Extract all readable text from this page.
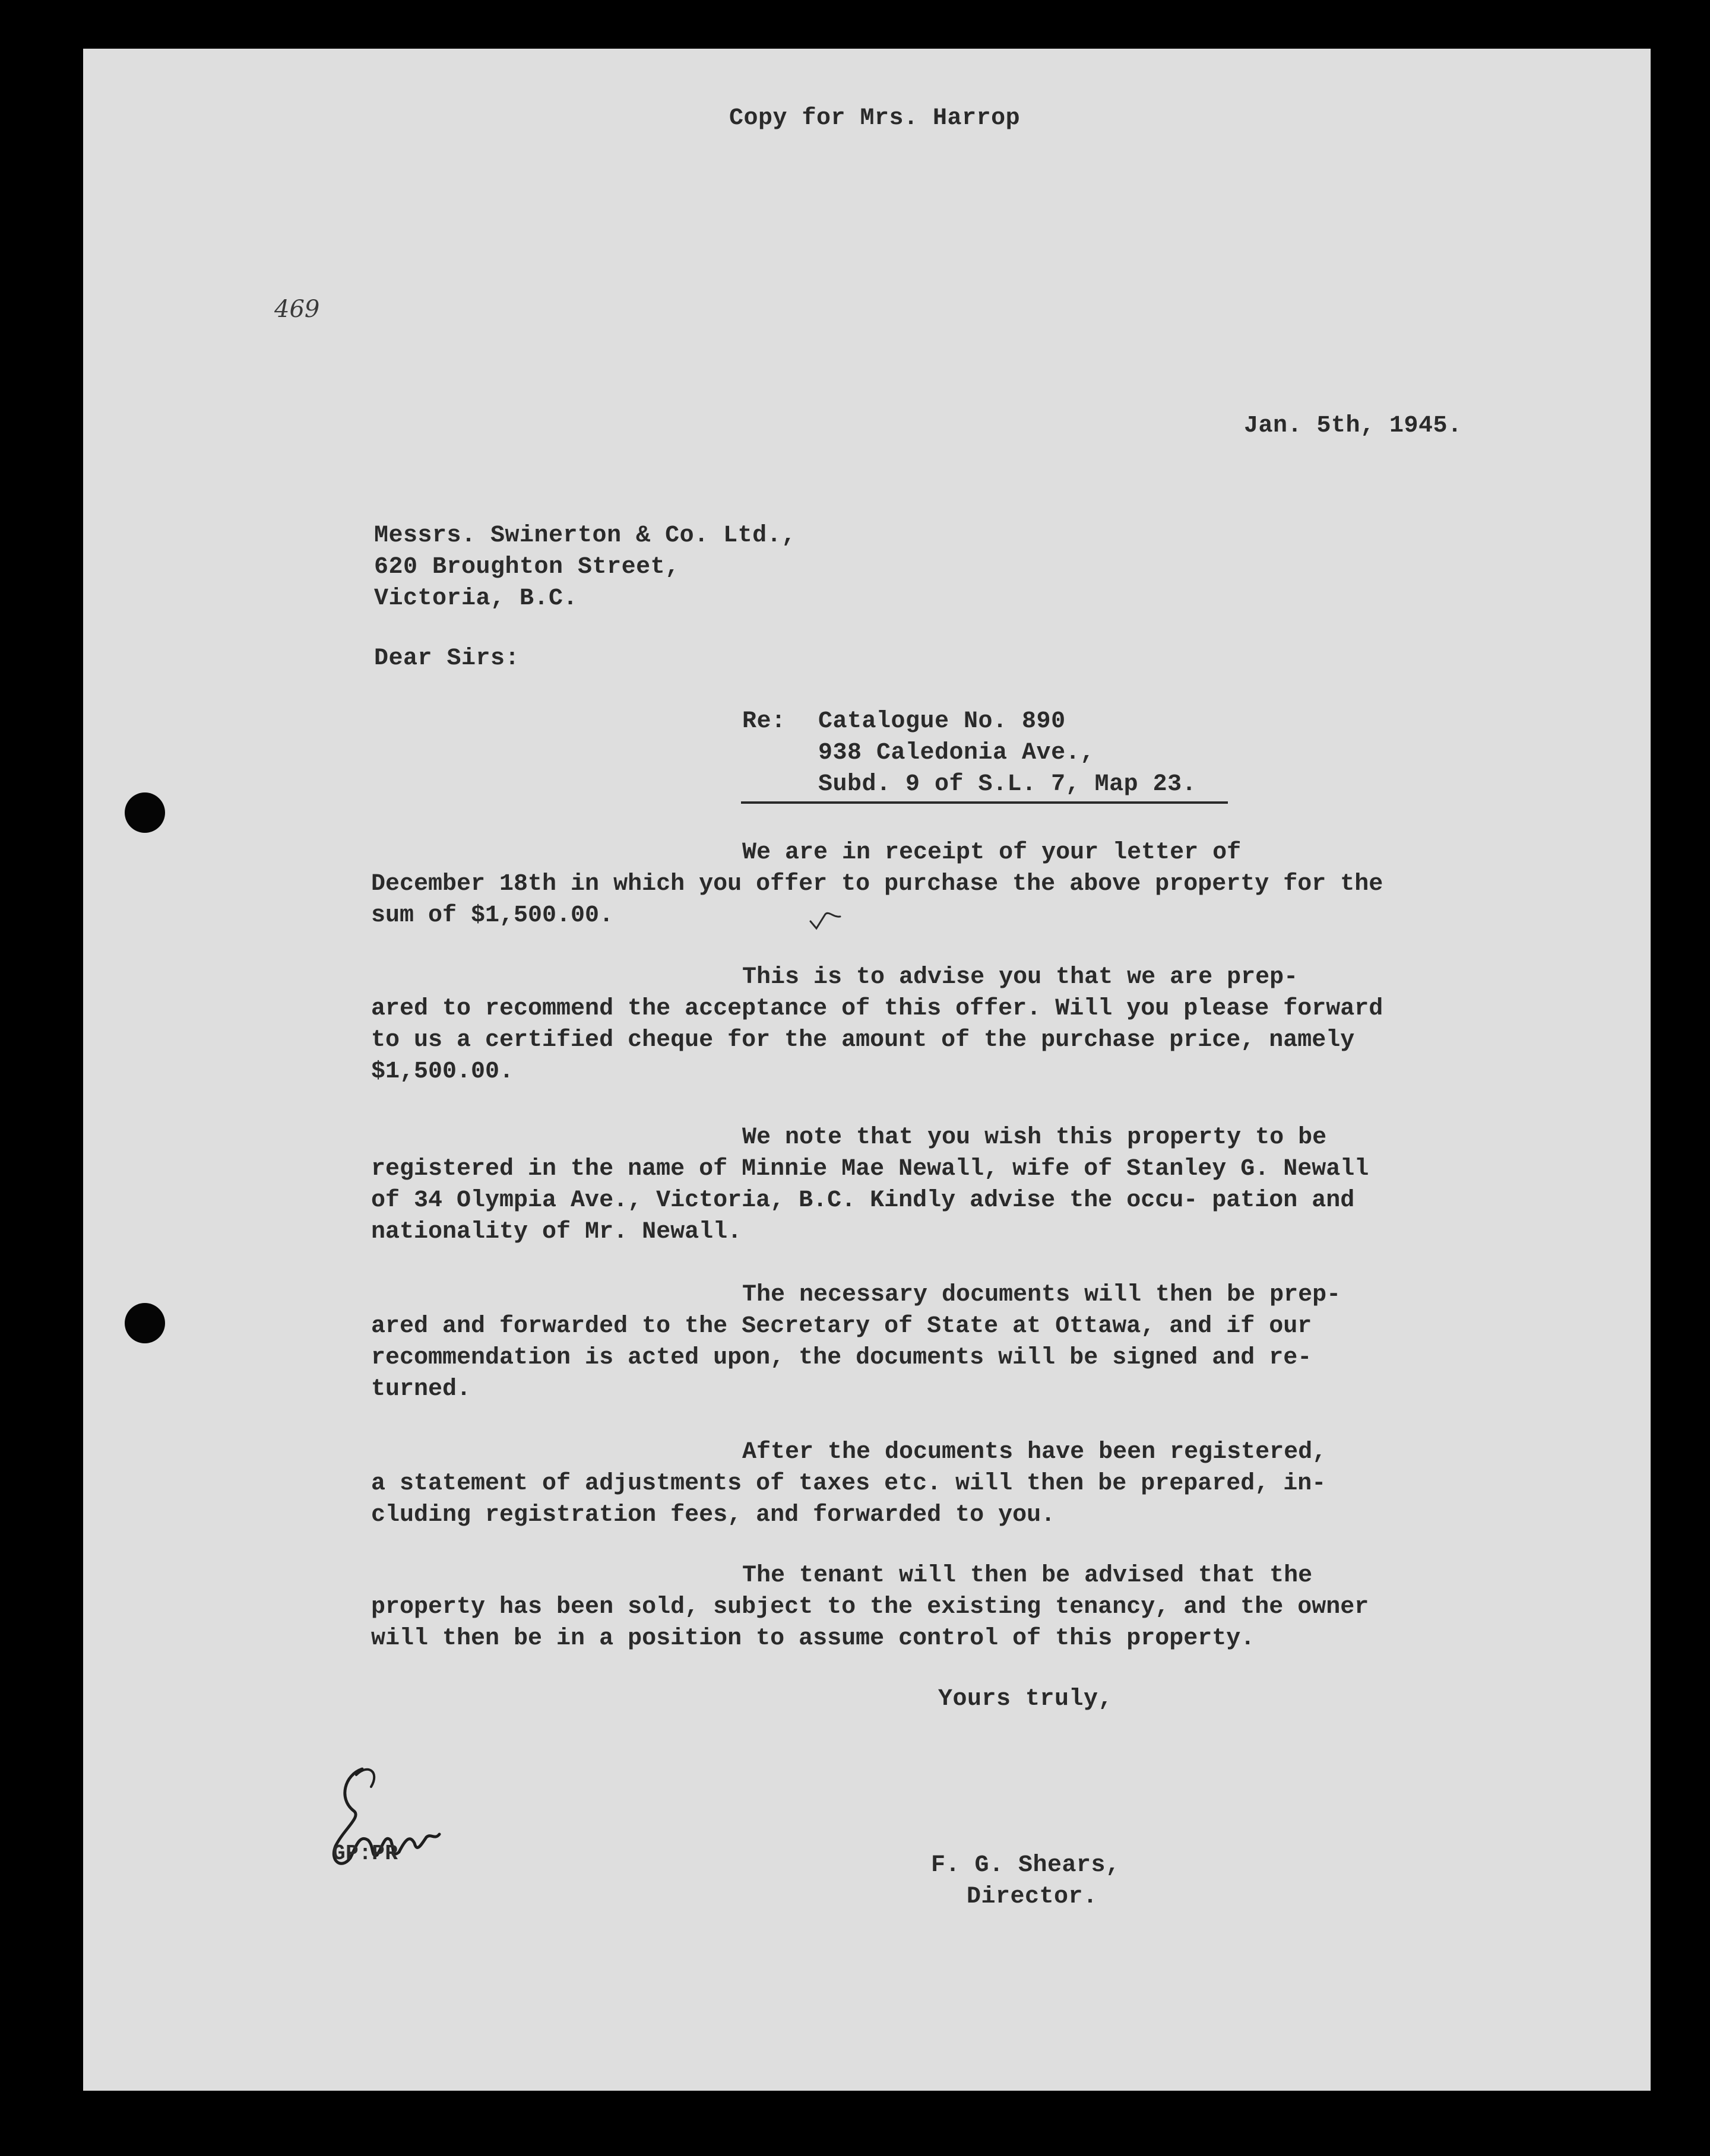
Copy for Mrs. Harrop
469
Jan. 5th, 1945.
Messrs. Swinerton & Co. Ltd.,
620 Broughton Street,
Victoria, B.C.
Dear Sirs:
Re: Catalogue No. 890
938 Caledonia Ave.,
Subd. 9 of S.L. 7, Map 23.
We are in receipt of your letter of
December 18th in which you offer to purchase the above property for the sum of $1,500.00.
This is to advise you that we are prep-
ared to recommend the acceptance of this offer. Will you please forward to us a certified cheque for the amount of the purchase price, namely $1,500.00.
We note that you wish this property to be
registered in the name of Minnie Mae Newall, wife of Stanley G. Newall of 34 Olympia Ave., Victoria, B.C. Kindly advise the occu- pation and nationality of Mr. Newall.
The necessary documents will then be prep-
ared and forwarded to the Secretary of State at Ottawa, and if our recommendation is acted upon, the documents will be signed and re- turned.
After the documents have been registered,
a statement of adjustments of taxes etc. will then be prepared, in- cluding registration fees, and forwarded to you.
The tenant will then be advised that the
property has been sold, subject to the existing tenancy, and the owner will then be in a position to assume control of this property.
Yours truly,
GP:PR	F. G. Shears,
Director.
